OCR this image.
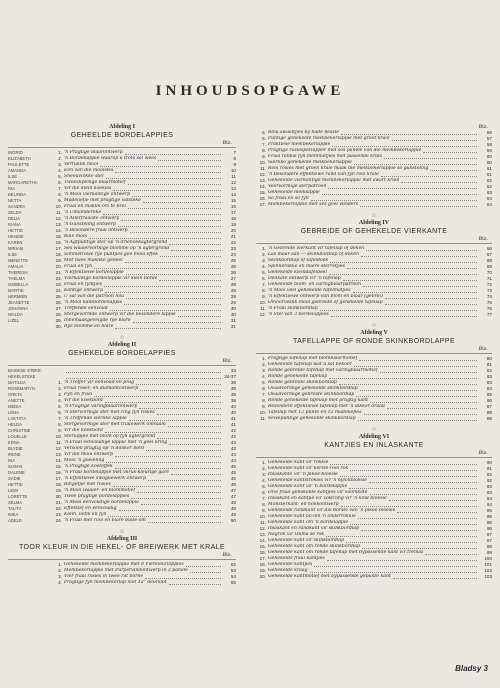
INHOUDSOPGAWE
Afdeling I
GEHEELDE BORDELAPPIES
Blz.
INGRID	1. 'n Pragtige blaarontwerp	7
ELIZABETH	2. 'n Bordellappie waarop u trots sal wees	8
PAULETTE	3. Verruklik mooi	9
AMANDA	4. Een van die mooistes	10
ILSE	5. Sneeuvlokke ster	11
MARGARETHA	6. Tweeslipenige blaarmotief	12
RIA	7. Vir die klein koekies	13
BELINDA	8. 'n Mooi vierkantige ontwerp	14
NETTA	9. Madeliefie met pragtige valsteke	15
SANDRA	10. Fraai en maklik om te brei	16
ZELDA	11. 'n Uitsonderlike	17
DELIA	12. 'n Allerfraaiste ontwerp	18
RIANA	13. 'n Gunsteling ontwerp	19
HETTIE	14. 'n Besondere fraai ontwerp	20
HENDIE	15. Baie mooi	21
KAREN	16. 'n Agtpuntige ster op 'n driehoekagtergrond	22
MIRIAM	17. Ses waaiervormige blomme op 'n agtergrond	23
ILSE	18. Simmetriese rye puntjies gee mooi effek	24
MENETTE	19. Met twee maklike gebeel	25
AMALIA	20. Fraai en fyn	26
THERESA	21. 'n Effektiewe bordelappie	26
THELMA	22. Vierkantige bordellappie vir klein borde	27
ISOBELLA	23. Fraai en fyntjies	28
MARTIE	24. Kantige ontwerp	28
HERMIEN	25. U sal van die patroon hou	29
JEANETTE	26. 'n Mooi kantbordellappie	29
JOHANNA	27. Treffende eenvoud	30
WALDA	28. Stergevormde ontwerp vir die besondere lappie	30
LIZEL	29. Innemaakgevelgde rye blare	31
30. Rye blomme en blare	31
☆
Afdeling II
GEHEKELDE BORDELAPPIES
Blz.
BASIESE STEKE	33
HEKELSTEKE	34-37
MATILDA	1. 'n Treffer vir eenvoud en prag	38
ROSEMARYN	2. Fraai roset- en diamantontwerp	38
GRETA	3. Fyn en fraai	39
ANETTE	4. Vir die koekbord	39
MEDIA	5. 'n Pragtige varingblaarontwerp	40
LENA	6. 'n Stervormige ster met ring fyn rosies	40
LAETITIA	7. 'n Treffende sierlike lappie	41
HELDA	8. Stergevormige ster met traliewerk omraam	41
CHRISTINE	9. Vir die koekbord	42
LOUELLE	10. Sterlappie met blom op fyn agtergrond	42
EDNA	11. 'n Fraai eenvoudige lappie met 'n geel kring	43
BLYDIE	12. Versoon pragtig op 'n donker bord	43
IRENE	13. Vir die mooi ontwerp	44
INA	14. Mooi 'n goeieling	44
SUSAN	15. 'n Pragtige koeteffek	45
DALENE	16. 'n Fraai bordelappie met vkrus-kleurige gare	45
SADIE	17. 'n Effektiewe swaguewerk ontwerp	46
HETTIE	18. Ringetjie met rosies	46
LEMI	19. 'n Mooi waaier- en blommotief	47
LORETTE	20. Twee pragtige bordelappies	47
SELMA	21. 'n Mooi eenvoudige bordelappie	48
TALITA	22. Effektief en eenvoudig	48
IMKA	23. Klein, liefik en fyn	49
ADELE	24. 'n Fraai met rooi en blare buite-om	50
☆
Afdeling III
TOOR KLEUR IN DIE HEKEL- OF BREIWERK MET KRALE
Blz.
1. Gehekelde melkbekerlappie met 8 Vierkleurlappies	52
2. Melkbekerlappie met Purpervindontwerp in 3 panele	53
3. Vier fraai rosies in twee rat borne	54
4. Pragtige fyn melkbekerlap met 12" deursnit	55
Blz.
5. Blou swaeltjies by halle nessie	56
6. Puntige gehekelde melkbekerlappie met groot krale	57
7. Praktiese melkbekerlappie	58
8. Pragtige rosiesperlapper met ses panele van die melkbekerlappie	59
9. Fraai rankie fyn blommetjies met passende krale	60
10. Sierlike gehekelde melkbekerlappie	60
11. Rooi rosies met groen krale maak die melkbekerlappie so gunsteling	61
12. 'n Besondere effektiewe rand van fyn rooi krale	61
13. Gehekelde vierkantige melkbekerlappie met swart krale	62
14. Veervormige sterpatroon	62
15. Gehekelde melklappie	63
16. So fraai en so fyn	64
17. Melkbekerlappie met ses geel vlinders	64
☆
Afdeling IV
GEBREIDE OF GEHEKELDE VIERKANTE
Blz.
1. 'n Gebreide vierkant vir tafellap of deken	66
2. Las maar aan — skinkbordlap of deken	67
3. Skinkbordlap of tafeldoek	68
4. Spinnerakke en miere-sterretjies	69
5. Gehekelde kleindafeldeel	70
6. Delikate ontwerp vir 'n tafellap	71
7. Gehekelde blom- en varingblaarpatroon	72
8. 'n Mooi veel gehekelde tafelmatjies	73
9. 'n Effektiewe ontwerp van blom en blaar (gebrei)	74
10. Omoorveslik mooi gebreide of gehekelde tafellap	75
11. 'n Fraai skinkbordlap	76
12. 'n Stel van 3 bordelappies	77
☆
Afdeling V
TAFELLAPPE OF RONDE SKINKBORDLAPPE
Blz.
1. Pragtige tafellap met blomblaarmotief	80
2. Gehekelde tafellap wat u sal bekoor	81
3. Ronde gebreide tafellap met varingblaarmotief	82
4. Ronde gehekelde tafellap	83
5. Ronde gebreide skinkbordlap	83
6. Ovaalvormige gehekelde skinkbordlap	84
7. Ovaalvormige gebreide skinkbordlap	85
8. Ronde gehekelde tafellap met pragtig kant	86
9. Besondere effektiewe tafellap met 'n dikker draad	87
10. Tafellap met 12 punte en 12 madeliefies	88
11. Sewepuntige gehekelde skinkbordlap	88
☆
Afdeling VI
KANTJIES EN INLASKANTE
Blz.
1. Gehekelde kant vir rokkie	90
2. Gehekelde kant vir kerste-rooi rok	91
3. Inlaskante vir 'n pikee-bloesie	92
4. Gehekelde kantstrokies vir 'n nylonbloesie	92
5. Gehekelde kant vir 'n bordelappie	93
6. Drie fraai gehekelde kantjies vir voorskote	93
7. Inlaskant en kantjie vir volkrang vir 'n kind bloesie	94
8. Mönsterkant- en hoekontwerp	94
9. Gehekelde randkant vir die borste van 'n pikee-bloesie	95
10. Gehekelde kant bo-om 'n onderrokkie	95
11. Gehekelde kant om 'n bordelappie	96
12. Inlaskant en randkant vir skinkbordlap	96
13. Nagrok vir Ouma se rok	97
14. Gehekelde kant vir skinkbordlap	97
15. Gehekelde kant om ronde skinkbordlap	98
16. Gehekelde kant om ronde tafellap met bypassende kant vir tremas	99
17. Gehekelde fraai kantjies	100
18. Gehekelde kantjies	101
19. Gehekelde kraag	102
20. Gehekelde kantmotief met bypassende gepunte kant	103
Bladsy 3
